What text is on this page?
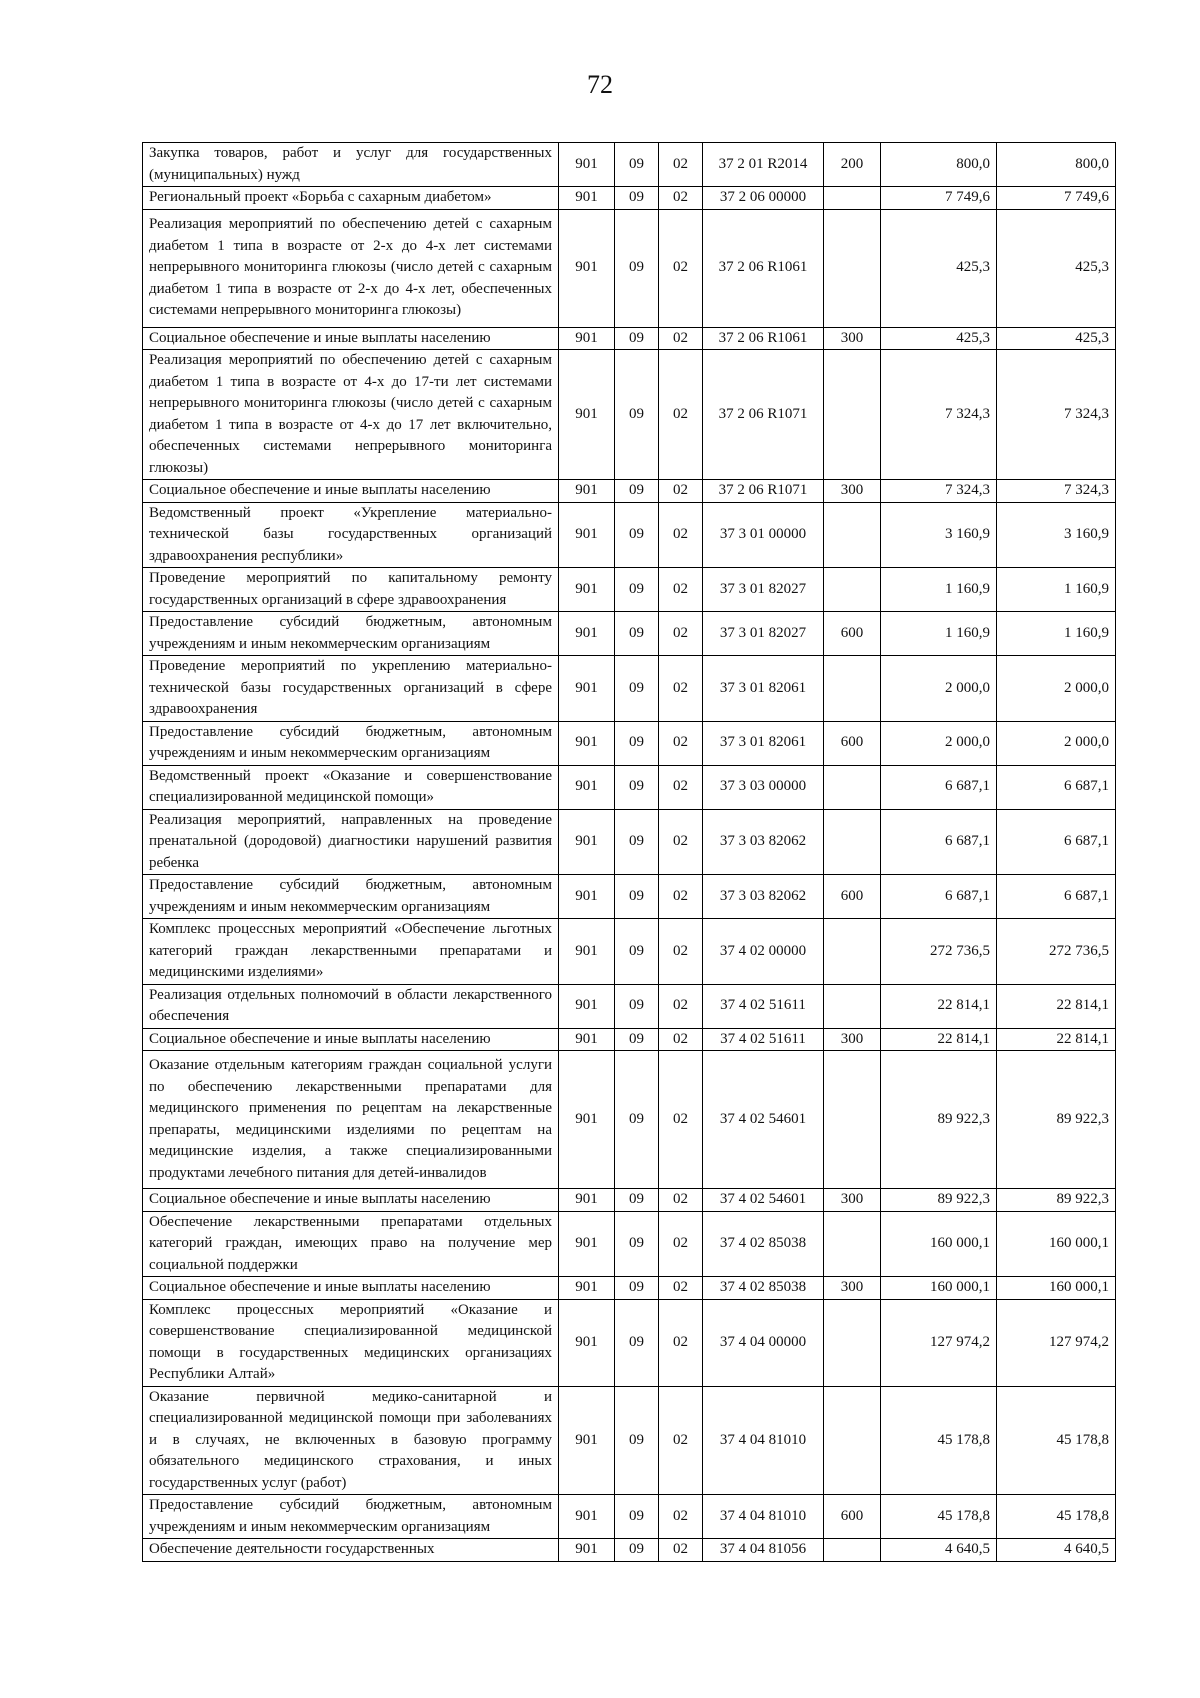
72
Закупка товаров, работ и услуг для государственных (муниципальных) нужд	901	09	02	37 2 01 R2014	200	800,0	800,0
Региональный проект «Борьба с сахарным диабетом»	901	09	02	37 2 06 00000		7 749,6	7 749,6
Реализация мероприятий по обеспечению детей с сахарным диабетом 1 типа в возрасте от 2-х до 4-х лет системами непрерывного мониторинга глюкозы (число детей с сахарным диабетом 1 типа в возрасте от 2-х до 4-х лет, обеспеченных системами непрерывного мониторинга глюкозы)	901	09	02	37 2 06 R1061		425,3	425,3
Социальное обеспечение и иные выплаты населению	901	09	02	37 2 06 R1061	300	425,3	425,3
Реализация мероприятий по обеспечению детей с сахарным диабетом 1 типа в возрасте от 4-х до 17-ти лет системами непрерывного мониторинга глюкозы (число детей с сахарным диабетом 1 типа в возрасте от 4-х до 17 лет включительно, обеспеченных системами непрерывного мониторинга глюкозы)	901	09	02	37 2 06 R1071		7 324,3	7 324,3
Социальное обеспечение и иные выплаты населению	901	09	02	37 2 06 R1071	300	7 324,3	7 324,3
Ведомственный проект «Укрепление материально-технической базы государственных организаций здравоохранения республики»	901	09	02	37 3 01 00000		3 160,9	3 160,9
Проведение мероприятий по капитальному ремонту государственных организаций в сфере здравоохранения	901	09	02	37 3 01 82027		1 160,9	1 160,9
Предоставление субсидий бюджетным, автономным учреждениям и иным некоммерческим организациям	901	09	02	37 3 01 82027	600	1 160,9	1 160,9
Проведение мероприятий по укреплению материально-технической базы государственных организаций в сфере здравоохранения	901	09	02	37 3 01 82061		2 000,0	2 000,0
Предоставление субсидий бюджетным, автономным учреждениям и иным некоммерческим организациям	901	09	02	37 3 01 82061	600	2 000,0	2 000,0
Ведомственный проект «Оказание и совершенствование специализированной медицинской помощи»	901	09	02	37 3 03 00000		6 687,1	6 687,1
Реализация мероприятий, направленных на проведение пренатальной (дородовой) диагностики нарушений развития ребенка	901	09	02	37 3 03 82062		6 687,1	6 687,1
Предоставление субсидий бюджетным, автономным учреждениям и иным некоммерческим организациям	901	09	02	37 3 03 82062	600	6 687,1	6 687,1
Комплекс процессных мероприятий «Обеспечение льготных категорий граждан лекарственными препаратами и медицинскими изделиями»	901	09	02	37 4 02 00000		272 736,5	272 736,5
Реализация отдельных полномочий в области лекарственного обеспечения	901	09	02	37 4 02 51611		22 814,1	22 814,1
Социальное обеспечение и иные выплаты населению	901	09	02	37 4 02 51611	300	22 814,1	22 814,1
Оказание отдельным категориям граждан социальной услуги по обеспечению лекарственными препаратами для медицинского применения по рецептам на лекарственные препараты, медицинскими изделиями по рецептам на медицинские изделия, а также специализированными продуктами лечебного питания для детей-инвалидов	901	09	02	37 4 02 54601		89 922,3	89 922,3
Социальное обеспечение и иные выплаты населению	901	09	02	37 4 02 54601	300	89 922,3	89 922,3
Обеспечение лекарственными препаратами отдельных категорий граждан, имеющих право на получение мер социальной поддержки	901	09	02	37 4 02 85038		160 000,1	160 000,1
Социальное обеспечение и иные выплаты населению	901	09	02	37 4 02 85038	300	160 000,1	160 000,1
Комплекс процессных мероприятий «Оказание и совершенствование специализированной медицинской помощи в государственных медицинских организациях Республики Алтай»	901	09	02	37 4 04 00000		127 974,2	127 974,2
Оказание первичной медико-санитарной и специализированной медицинской помощи при заболеваниях и в случаях, не включенных в базовую программу обязательного медицинского страхования, и иных государственных услуг (работ)	901	09	02	37 4 04 81010		45 178,8	45 178,8
Предоставление субсидий бюджетным, автономным учреждениям и иным некоммерческим организациям	901	09	02	37 4 04 81010	600	45 178,8	45 178,8
Обеспечение деятельности государственных	901	09	02	37 4 04 81056		4 640,5	4 640,5
